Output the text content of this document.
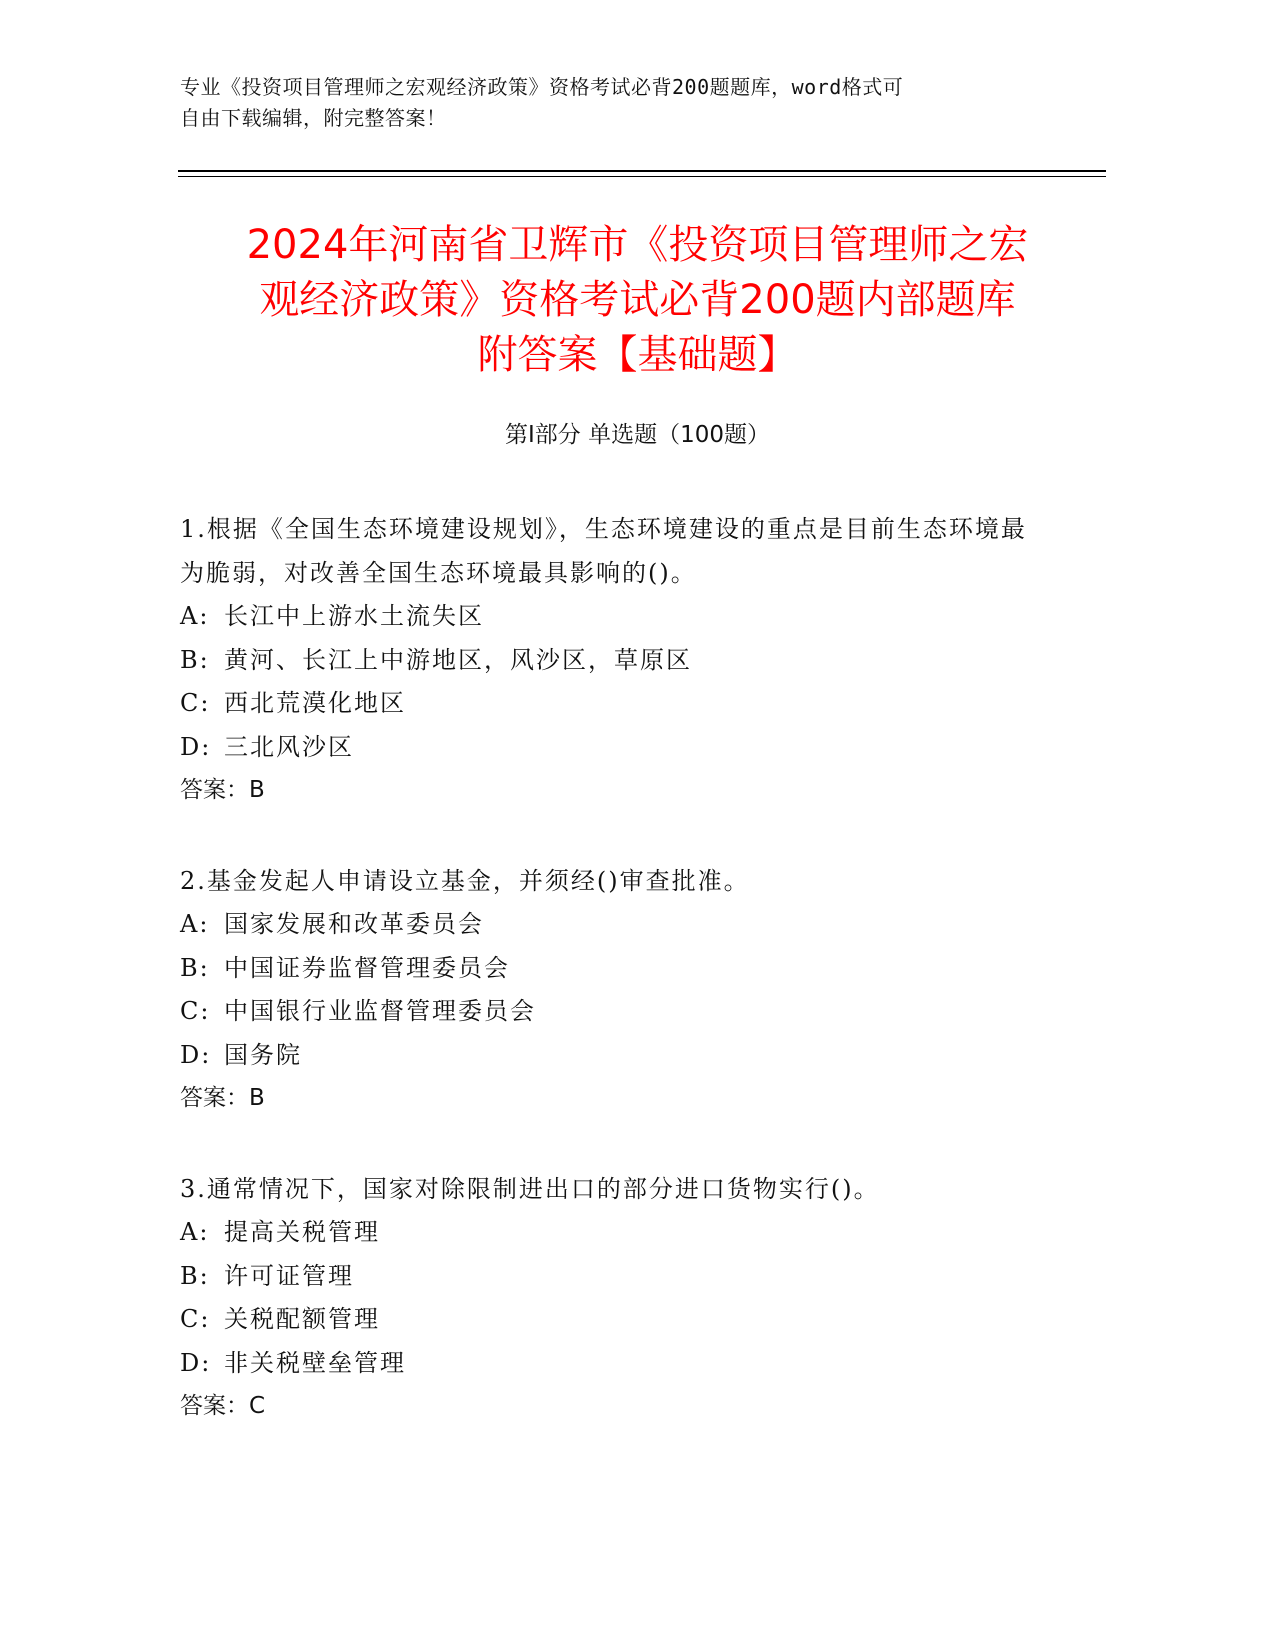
专业《投资项目管理师之宏观经济政策》资格考试必背200题题库，word格式可
自由下载编辑，附完整答案！
2024年河南省卫辉市《投资项目管理师之宏
观经济政策》资格考试必背200题内部题库
附答案【基础题】
第Ⅰ部分 单选题（100题）
1.根据《全国生态环境建设规划》，生态环境建设的重点是目前生态环境最为脆弱，对改善全国生态环境最具影响的()。
A: 长江中上游水土流失区
B: 黄河、长江上中游地区，风沙区，草原区
C: 西北荒漠化地区
D: 三北风沙区
答案：B
2.基金发起人申请设立基金，并须经()审查批准。
A: 国家发展和改革委员会
B: 中国证券监督管理委员会
C: 中国银行业监督管理委员会
D: 国务院
答案：B
3.通常情况下，国家对除限制进出口的部分进口货物实行()。
A: 提高关税管理
B: 许可证管理
C: 关税配额管理
D: 非关税壁垒管理
答案：C
